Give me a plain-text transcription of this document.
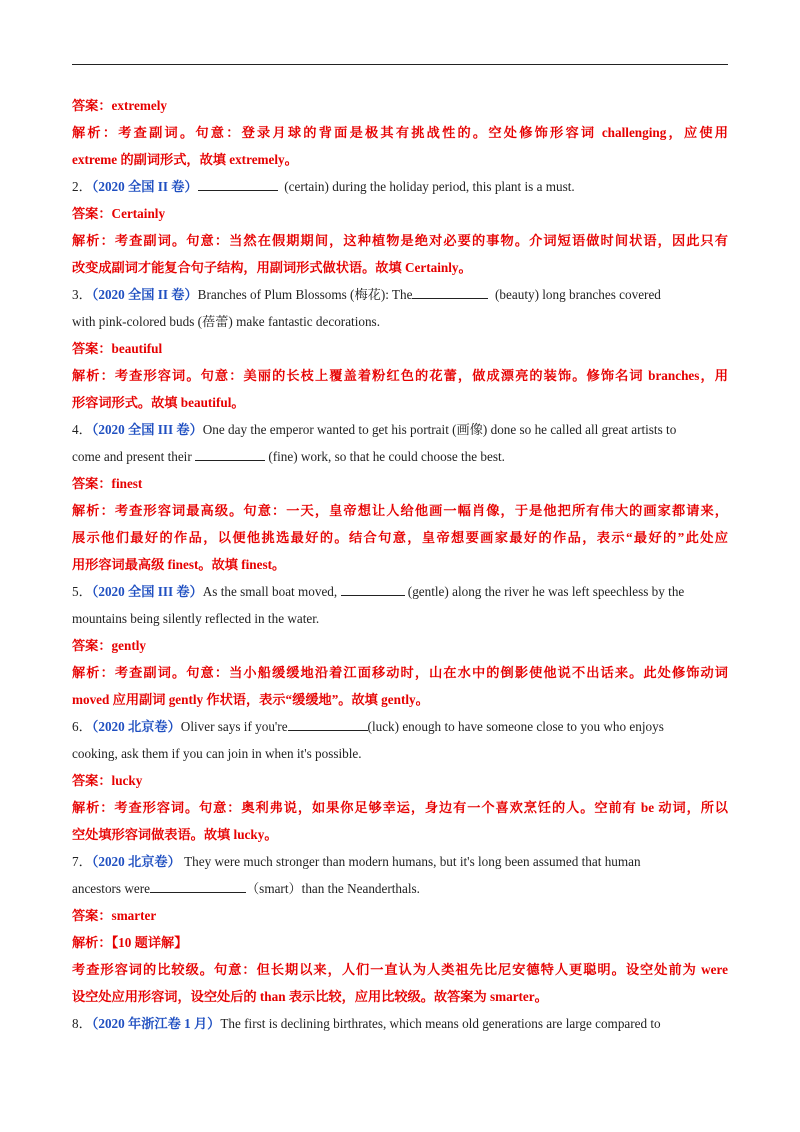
答案：extremely
解析：考查副词。句意：登录月球的背面是极其有挑战性的。空处修饰形容词 challenging，应使用
extreme 的副词形式，故填 extremely。
2．（2020 全国 II 卷）	(certain) during the holiday period, this plant is a must.
答案：Certainly
解析：考查副词。句意：当然在假期期间，这种植物是绝对必要的事物。介词短语做时间状语，因此只有
改变成副词才能复合句子结构，用副词形式做状语。故填 Certainly。
3．（2020 全国 II 卷）Branches of Plum Blossoms (梅花): The	(beauty) long branches covered
with pink-colored buds (蓓蕾) make fantastic decorations.
答案：beautiful
解析：考查形容词。句意：美丽的长枝上覆盖着粉红色的花蕾，做成漂亮的装饰。修饰名词 branches，用
形容词形式。故填 beautiful。
4．（2020 全国 III 卷）One day the emperor wanted to get his portrait (画像) done so he called all great artists to
come and present their	(fine) work, so that he could choose the best.
答案：finest
解析：考查形容词最高级。句意：一天，皇帝想让人给他画一幅肖像，于是他把所有伟大的画家都请来，
展示他们最好的作品，以便他挑选最好的。结合句意，皇帝想要画家最好的作品，表示“最好的”此处应
用形容词最高级 finest。故填 finest。
5．（2020 全国 III 卷）As the small boat moved,	(gentle) along the river he was left speechless by the
mountains being silently reflected in the water.
答案：gently
解析：考查副词。句意：当小船缓缓地沿着江面移动时，山在水中的倒影使他说不出话来。此处修饰动词
moved 应用副词 gently 作状语，表示“缓缓地”。故填 gently。
6．（2020 北京卷）Oliver says if you're	(luck) enough to have someone close to you who enjoys
cooking, ask them if you can join in when it's possible.
答案：lucky
解析：考查形容词。句意：奥利弗说，如果你足够幸运，身边有一个喜欢烹饪的人。空前有 be 动词，所以
空处填形容词做表语。故填 lucky。
7．（2020 北京卷） They were much stronger than modern humans, but it's long been assumed that human
ancestors were	（smart）than the Neanderthals.
答案：smarter
解析：【10 题详解】
考查形容词的比较级。句意：但长期以来，人们一直认为人类祖先比尼安德特人更聪明。设空处前为 were
设空处应用形容词，设空处后的 than 表示比较，应用比较级。故答案为 smarter。
8．（2020 年浙江卷 1 月）The first is declining birthrates, which means old generations are large compared to
